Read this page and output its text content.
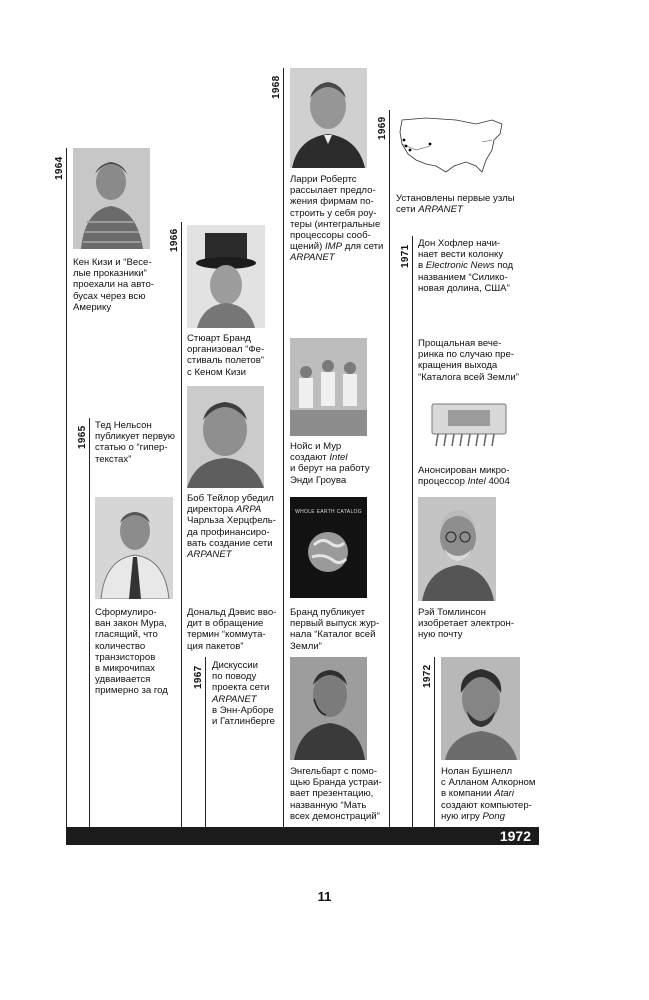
1964
1965
1966
1967
1968
1969
1971
1972
Кен Кизи и “Весе-
лые проказники”
проехали на авто-
бусах через всю
Америку
Тед Нельсон
публикует первую
статью о “гипер-
текстах”
Сформулиро-
ван закон Мура,
гласящий, что
количество
транзисторов
в микрочипах
удваивается
примерно за год
Стюарт Бранд
организовал “Фе-
стиваль полетов”
с Кеном Кизи
Боб Тейлор убедил
директора ARPA
Чарльза Херцфель-
да профинансиро-
вать создание сети
ARPANET
Дональд Дэвис вво-
дит в обращение
термин “коммута-
ция пакетов”
Дискуссии
по поводу
проекта сети
ARPANET
в Энн-Арборе
и Гатлинберге
Ларри Робертс
рассылает предло-
жения фирмам по-
строить у себя роу-
теры (интегральные
процессоры сооб-
щений) IMP для сети
ARPANET
Нойс и Мур
создают Intel
и берут на работу
Энди Гроува
WHOLE EARTH CATALOG
Бранд публикует
первый выпуск жур-
нала “Каталог всей
Земли”
Энгельбарт с помо-
щью Бранда устраи-
вает презентацию,
названную “Мать
всех демонстраций”
Установлены первые узлы
сети ARPANET
Дон Хофлер начи-
нает вести колонку
в Electronic News под
названием “Силико-
новая долина, США”
Прощальная вече-
ринка по случаю пре-
кращения выхода
“Каталога всей Земли”
Анонсирован микро-
процессор Intel 4004
Рэй Томлинсон
изобретает электрон-
ную почту
Нолан Бушнелл
с Алланом Алкорном
в компании Atari
создают компьютер-
ную игру Pong
1972
11
